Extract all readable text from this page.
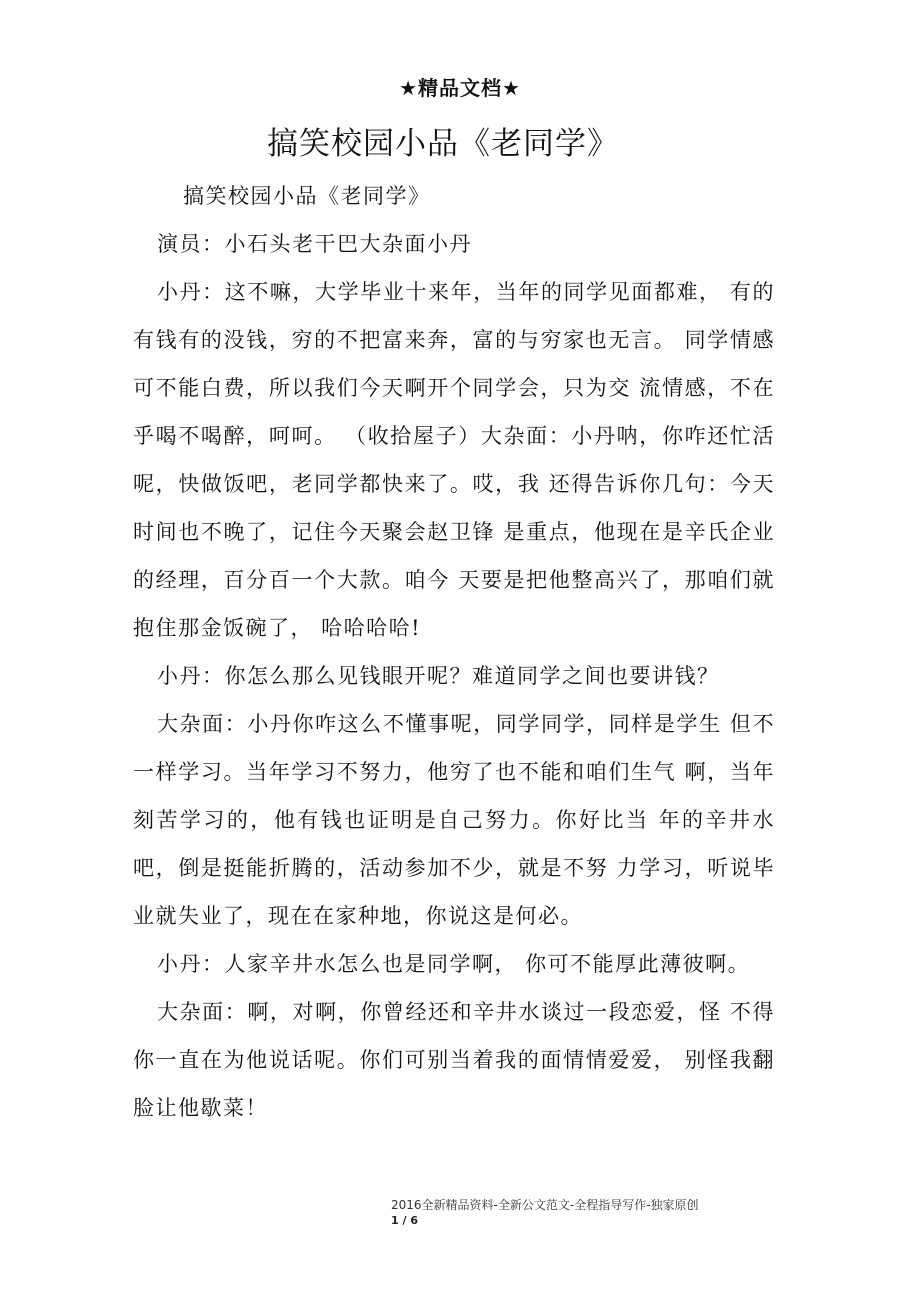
★精品文档★
搞笑校园小品《老同学》

搞笑校园小品《老同学》

演员：小石头老干巴大杂面小丹

小丹：这不嘛，大学毕业十来年，当年的同学见面都难， 有的有钱有的没钱，穷的不把富来奔，富的与穷家也无言。 同学情感可不能白费，所以我们今天啊开个同学会，只为交 流情感，不在乎喝不喝醉，呵呵。 （收拾屋子）大杂面：小丹呐，你咋还忙活呢，快做饭吧，老同学都快来了。哎，我 还得告诉你几句：今天时间也不晚了，记住今天聚会赵卫锋 是重点，他现在是辛氏企业的经理，百分百一个大款。咱今 天要是把他整高兴了，那咱们就抱住那金饭碗了， 哈哈哈哈!

小丹：你怎么那么见钱眼开呢？难道同学之间也要讲钱？

大杂面：小丹你咋这么不懂事呢，同学同学，同样是学生 但不一样学习。当年学习不努力，他穷了也不能和咱们生气 啊，当年刻苦学习的，他有钱也证明是自己努力。你好比当 年的辛井水吧，倒是挺能折腾的，活动参加不少，就是不努 力学习，听说毕业就失业了，现在在家种地，你说这是何必。

小丹：人家辛井水怎么也是同学啊， 你可不能厚此薄彼啊。

大杂面：啊，对啊，你曾经还和辛井水谈过一段恋爱，怪 不得你一直在为他说话呢。你们可别当着我的面情情爱爱， 别怪我翻脸让他歇菜！

2016全新精品资料-全新公文范文-全程指导写作-独家原创
1 / 6
